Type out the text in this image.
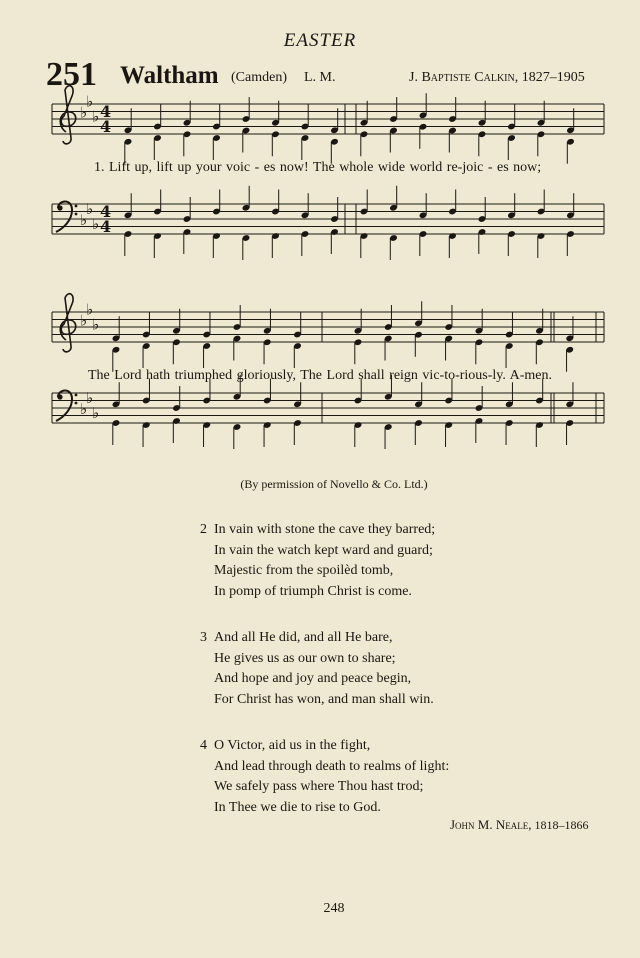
EASTER
251 Waltham (Camden) L. M.	J. Baptiste Calkin, 1827–1905
♭
♭
♭
♭
♭
♭
4
4
4
4
♭
♭
♭
♭
♭
♭
1. Lift up, lift up your voic - es now! The whole wide world re-joic - es now;
The Lord hath triumphed gloriously, The Lord shall reign vic-to-rious-ly. A-men.
(By permission of Novello & Co. Ltd.)
2 In vain with stone the cave they barred;
In vain the watch kept ward and guard;
Majestic from the spoilèd tomb,
In pomp of triumph Christ is come.
3 And all He did, and all He bare,
He gives us as our own to share;
And hope and joy and peace begin,
For Christ has won, and man shall win.
4 O Victor, aid us in the fight,
And lead through death to realms of light:
We safely pass where Thou hast trod;
In Thee we die to rise to God.
John M. Neale, 1818–1866
248
